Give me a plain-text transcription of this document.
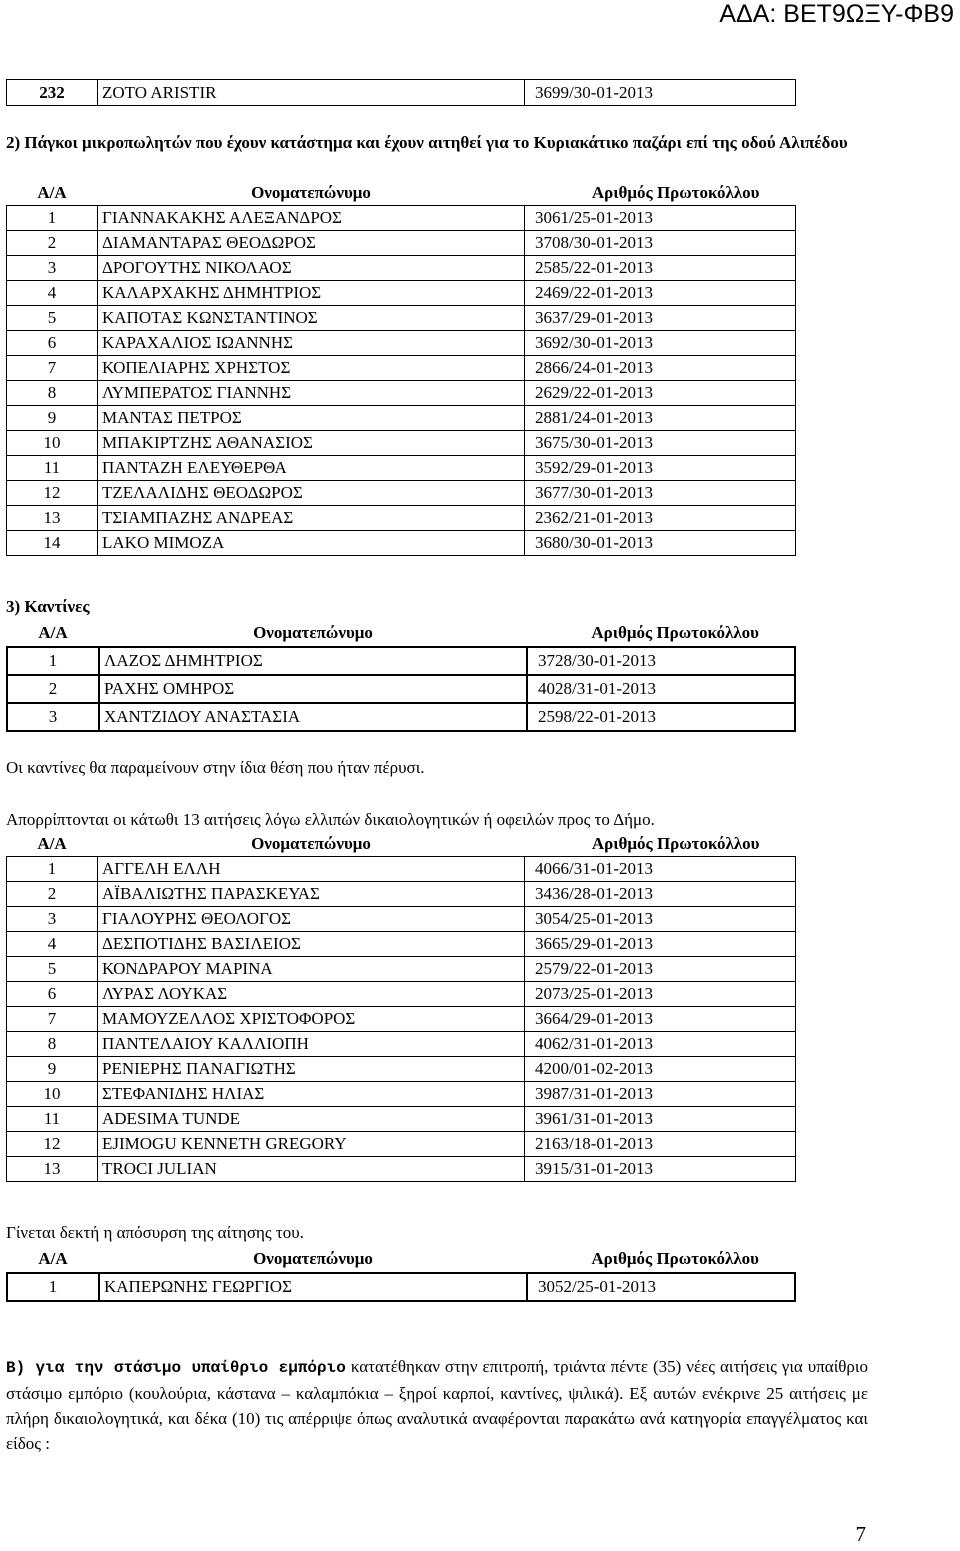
ΑΔΑ: ΒΕΤ9ΩΞΥ-ΦΒ9
232	ZOTO ARISTIR	3699/30-01-2013
2) Πάγκοι μικροπωλητών που έχουν κατάστημα και έχουν αιτηθεί για το Κυριακάτικο παζάρι επί της οδού Αλιπέδου
Α/Α	Ονοματεπώνυμο	Αριθμός Πρωτοκόλλου
1	ΓΙΑΝΝΑΚΑΚΗΣ ΑΛΕΞΑΝΔΡΟΣ	3061/25-01-2013
2	ΔΙΑΜΑΝΤΑΡΑΣ ΘΕΟΔΩΡΟΣ	3708/30-01-2013
3	ΔΡΟΓΟΥΤΗΣ ΝΙΚΟΛΑΟΣ	2585/22-01-2013
4	ΚΑΛΑΡΧΑΚΗΣ ΔΗΜΗΤΡΙΟΣ	2469/22-01-2013
5	ΚΑΠΟΤΑΣ ΚΩΝΣΤΑΝΤΙΝΟΣ	3637/29-01-2013
6	ΚΑΡΑΧΑΛΙΟΣ ΙΩΑΝΝΗΣ	3692/30-01-2013
7	ΚΟΠΕΛΙΑΡΗΣ ΧΡΗΣΤΟΣ	2866/24-01-2013
8	ΛΥΜΠΕΡΑΤΟΣ ΓΙΑΝΝΗΣ	2629/22-01-2013
9	ΜΑΝΤΑΣ ΠΕΤΡΟΣ	2881/24-01-2013
10	ΜΠΑΚΙΡΤΖΗΣ ΑΘΑΝΑΣΙΟΣ	3675/30-01-2013
11	ΠΑΝΤΑΖΗ ΕΛΕΥΘΕΡΘΑ	3592/29-01-2013
12	ΤΖΕΛΑΛΙΔΗΣ ΘΕΟΔΩΡΟΣ	3677/30-01-2013
13	ΤΣΙΑΜΠΑΖΗΣ ΑΝΔΡΕΑΣ	2362/21-01-2013
14	LAKO MIMOZA	3680/30-01-2013
3) Καντίνες
Α/Α	Ονοματεπώνυμο	Αριθμός Πρωτοκόλλου
1	ΛΑΖΟΣ ΔΗΜΗΤΡΙΟΣ	3728/30-01-2013
2	ΡΑΧΗΣ ΟΜΗΡΟΣ	4028/31-01-2013
3	ΧΑΝΤΖΙΔΟΥ ΑΝΑΣΤΑΣΙΑ	2598/22-01-2013
Οι καντίνες θα παραμείνουν στην ίδια θέση που ήταν πέρυσι.
Απορρίπτονται οι κάτωθι 13 αιτήσεις λόγω ελλιπών δικαιολογητικών ή οφειλών προς το Δήμο.
Α/Α	Ονοματεπώνυμο	Αριθμός Πρωτοκόλλου
1	ΑΓΓΕΛΗ ΕΛΛΗ	4066/31-01-2013
2	ΑΪΒΑΛΙΩΤΗΣ ΠΑΡΑΣΚΕΥΑΣ	3436/28-01-2013
3	ΓΙΑΛΟΥΡΗΣ ΘΕΟΛΟΓΟΣ	3054/25-01-2013
4	ΔΕΣΠΟΤΙΔΗΣ ΒΑΣΙΛΕΙΟΣ	3665/29-01-2013
5	ΚΟΝΔΡΑΡΟΥ ΜΑΡΙΝΑ	2579/22-01-2013
6	ΛΥΡΑΣ ΛΟΥΚΑΣ	2073/25-01-2013
7	ΜΑΜΟΥΖΕΛΛΟΣ ΧΡΙΣΤΟΦΟΡΟΣ	3664/29-01-2013
8	ΠΑΝΤΕΛΑΙΟΥ ΚΑΛΛΙΟΠΗ	4062/31-01-2013
9	ΡΕΝΙΕΡΗΣ ΠΑΝΑΓΙΩΤΗΣ	4200/01-02-2013
10	ΣΤΕΦΑΝΙΔΗΣ ΗΛΙΑΣ	3987/31-01-2013
11	ADESIMA TUNDE	3961/31-01-2013
12	EJIMOGU KENNETH GREGORY	2163/18-01-2013
13	TROCI JULIAN	3915/31-01-2013
Γίνεται δεκτή η απόσυρση της αίτησης του.
Α/Α	Ονοματεπώνυμο	Αριθμός Πρωτοκόλλου
1	ΚΑΠΕΡΩΝΗΣ ΓΕΩΡΓΙΟΣ	3052/25-01-2013
Β) για την στάσιμο υπαίθριο εμπόριο κατατέθηκαν στην επιτροπή, τριάντα πέντε (35) νέες αιτήσεις για υπαίθριο στάσιμο εμπόριο (κουλούρια, κάστανα – καλαμπόκια – ξηροί καρποί, καντίνες, ψιλικά). Εξ αυτών ενέκρινε 25 αιτήσεις με πλήρη δικαιολογητικά, και δέκα (10) τις απέρριψε όπως αναλυτικά αναφέρονται παρακάτω ανά κατηγορία επαγγέλματος και είδος :
7
